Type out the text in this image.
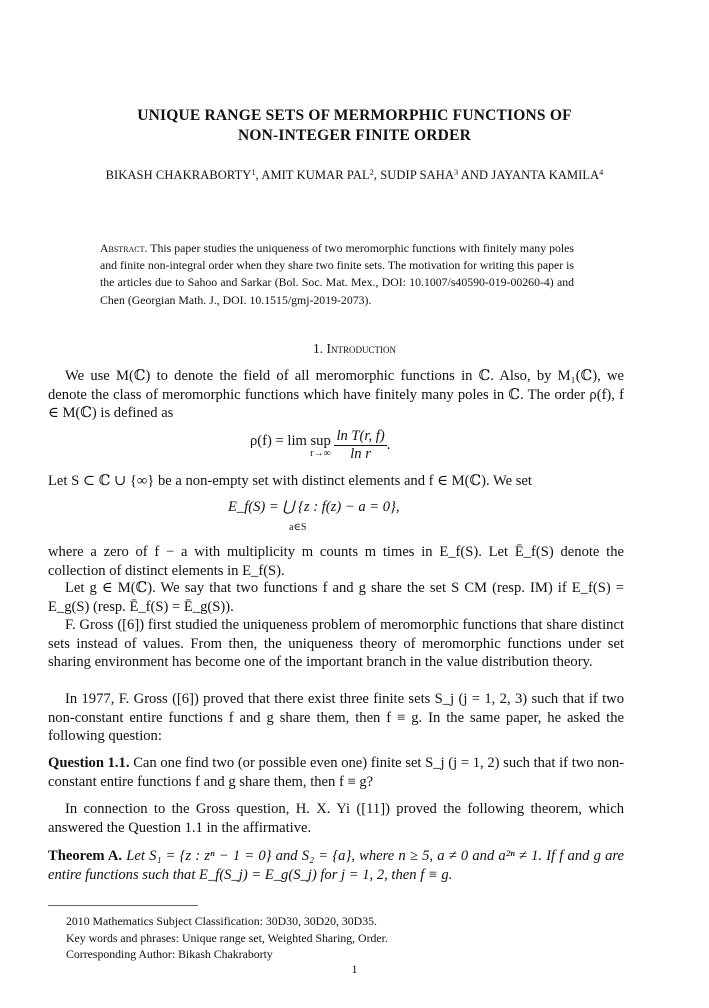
UNIQUE RANGE SETS OF MERMORPHIC FUNCTIONS OF
NON-INTEGER FINITE ORDER
BIKASH CHAKRABORTY$^1$, AMIT KUMAR PAL$^2$, SUDIP SAHA$^3$ AND JAYANTA KAMILA$^4$
Abstract. This paper studies the uniqueness of two meromorphic functions with finitely many poles and finite non-integral order when they share two finite sets. The motivation for writing this paper is the articles due to Sahoo and Sarkar (Bol. Soc. Mat. Mex., DOI: 10.1007/s40590-019-00260-4) and Chen (Georgian Math. J., DOI. 10.1515/gmj-2019-2073).
1. Introduction
We use M(ℂ) to denote the field of all meromorphic functions in ℂ. Also, by M₁(ℂ), we denote the class of meromorphic functions which have finitely many poles in ℂ. The order ρ(f), f ∈ M(ℂ) is defined as
ρ(f) = lim sup

r→∞
$\frac{\text{ln T(r, f)}}{\text{ln r}}$ .
Let S ⊂ ℂ ∪ {∞} be a non-empty set with distinct elements and f ∈ M(ℂ). We set
E_f(S) = ⋃ {z : f(z) − a = 0},
a∈S
where a zero of f − a with multiplicity m counts m times in E_f(S). Let Ē_f(S) denote the collection of distinct elements in E_f(S).
Let g ∈ M(ℂ). We say that two functions f and g share the set S CM (resp. IM) if E_f(S) = E_g(S) (resp. Ē_f(S) = Ē_g(S)).
F. Gross ([6]) first studied the uniqueness problem of meromorphic functions that share distinct sets instead of values. From then, the uniqueness theory of meromorphic functions under set sharing environment has become one of the important branch in the value distribution theory.
In 1977, F. Gross ([6]) proved that there exist three finite sets S_j (j = 1, 2, 3) such that if two non-constant entire functions f and g share them, then f ≡ g. In the same paper, he asked the following question:
Question 1.1. Can one find two (or possible even one) finite set S_j (j = 1, 2) such that if two non-constant entire functions f and g share them, then f ≡ g?
In connection to the Gross question, H. X. Yi ([11]) proved the following theorem, which answered the Question 1.1 in the affirmative.
Theorem A. Let S₁ = {z : zⁿ − 1 = 0} and S₂ = {a}, where n ≥ 5, a ≠ 0 and a²ⁿ ≠ 1. If f and g are entire functions such that E_f(S_j) = E_g(S_j) for j = 1, 2, then f ≡ g.
2010 Mathematics Subject Classification: 30D30, 30D20, 30D35.
Key words and phrases: Unique range set, Weighted Sharing, Order.
Corresponding Author: Bikash Chakraborty
1
